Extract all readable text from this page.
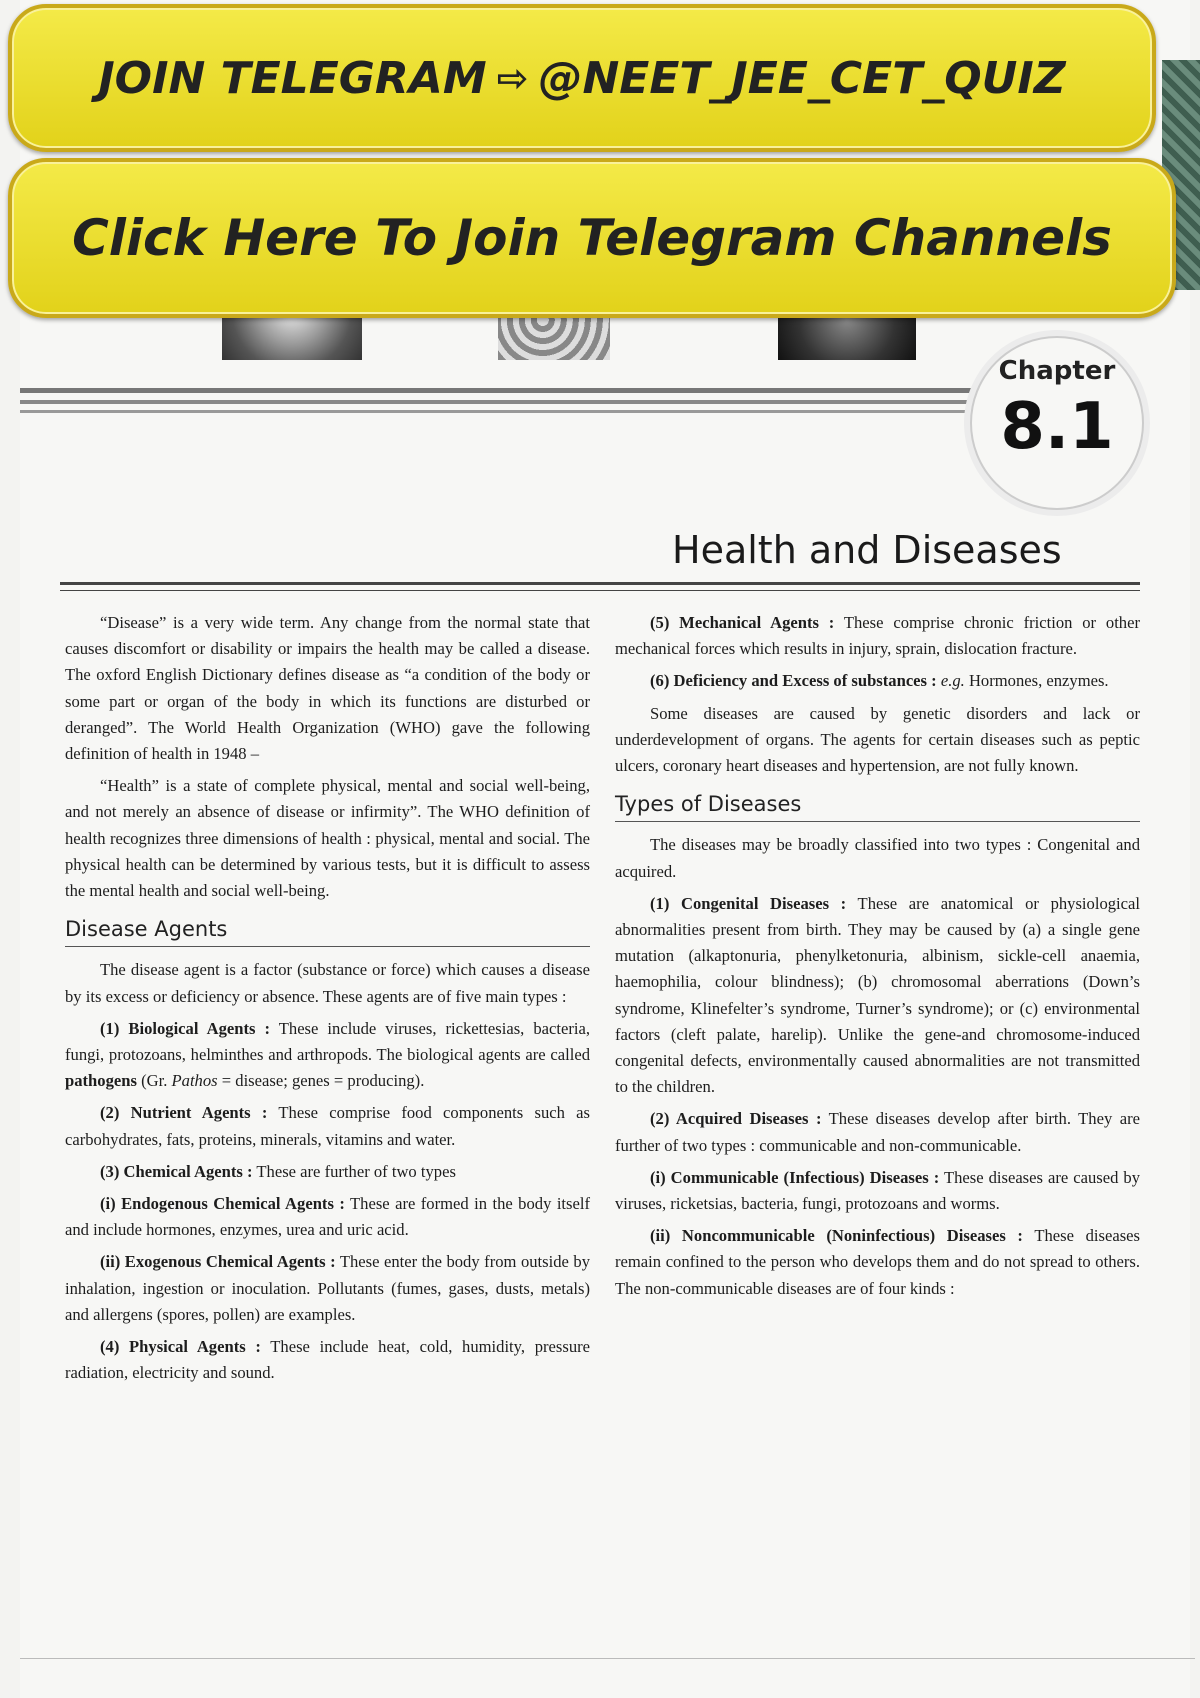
JOIN TELEGRAM ⇨ @NEET_JEE_CET_QUIZ
Click Here To Join Telegram Channels
Chapter
8.1
Health and Diseases

“Disease” is a very wide term. Any change from the normal state that causes discomfort or disability or impairs the health may be called a disease. The oxford English Dictionary defines disease as “a condition of the body or some part or organ of the body in which its functions are disturbed or deranged”. The World Health Organization (WHO) gave the following definition of health in 1948 –

“Health” is a state of complete physical, mental and social well-being, and not merely an absence of disease or infirmity”. The WHO definition of health recognizes three dimensions of health : physical, mental and social. The physical health can be determined by various tests, but it is difficult to assess the mental health and social well-being.

Disease Agents

The disease agent is a factor (substance or force) which causes a disease by its excess or deficiency or absence. These agents are of five main types :

(1) Biological Agents : These include viruses, rickettesias, bacteria, fungi, protozoans, helminthes and arthropods. The biological agents are called pathogens (Gr. Pathos = disease; genes = producing).

(2) Nutrient Agents : These comprise food components such as carbohydrates, fats, proteins, minerals, vitamins and water.

(3) Chemical Agents : These are further of two types

(i) Endogenous Chemical Agents : These are formed in the body itself and include hormones, enzymes, urea and uric acid.

(ii) Exogenous Chemical Agents : These enter the body from outside by inhalation, ingestion or inoculation. Pollutants (fumes, gases, dusts, metals) and allergens (spores, pollen) are examples.

(4) Physical Agents : These include heat, cold, humidity, pressure radiation, electricity and sound.

(5) Mechanical Agents : These comprise chronic friction or other mechanical forces which results in injury, sprain, dislocation fracture.

(6) Deficiency and Excess of substances : e.g. Hormones, enzymes.

Some diseases are caused by genetic disorders and lack or underdevelopment of organs. The agents for certain diseases such as peptic ulcers, coronary heart diseases and hypertension, are not fully known.

Types of Diseases

The diseases may be broadly classified into two types : Congenital and acquired.

(1) Congenital Diseases : These are anatomical or physiological abnormalities present from birth. They may be caused by (a) a single gene mutation (alkaptonuria, phenylketonuria, albinism, sickle-cell anaemia, haemophilia, colour blindness); (b) chromosomal aberrations (Down’s syndrome, Klinefelter’s syndrome, Turner’s syndrome); or (c) environmental factors (cleft palate, harelip). Unlike the gene-and chromosome-induced congenital defects, environmentally caused abnormalities are not transmitted to the children.

(2) Acquired Diseases : These diseases develop after birth. They are further of two types : communicable and non-communicable.

(i) Communicable (Infectious) Diseases : These diseases are caused by viruses, ricketsias, bacteria, fungi, protozoans and worms.

(ii) Noncommunicable (Noninfectious) Diseases : These diseases remain confined to the person who develops them and do not spread to others. The non-communicable diseases are of four kinds :
